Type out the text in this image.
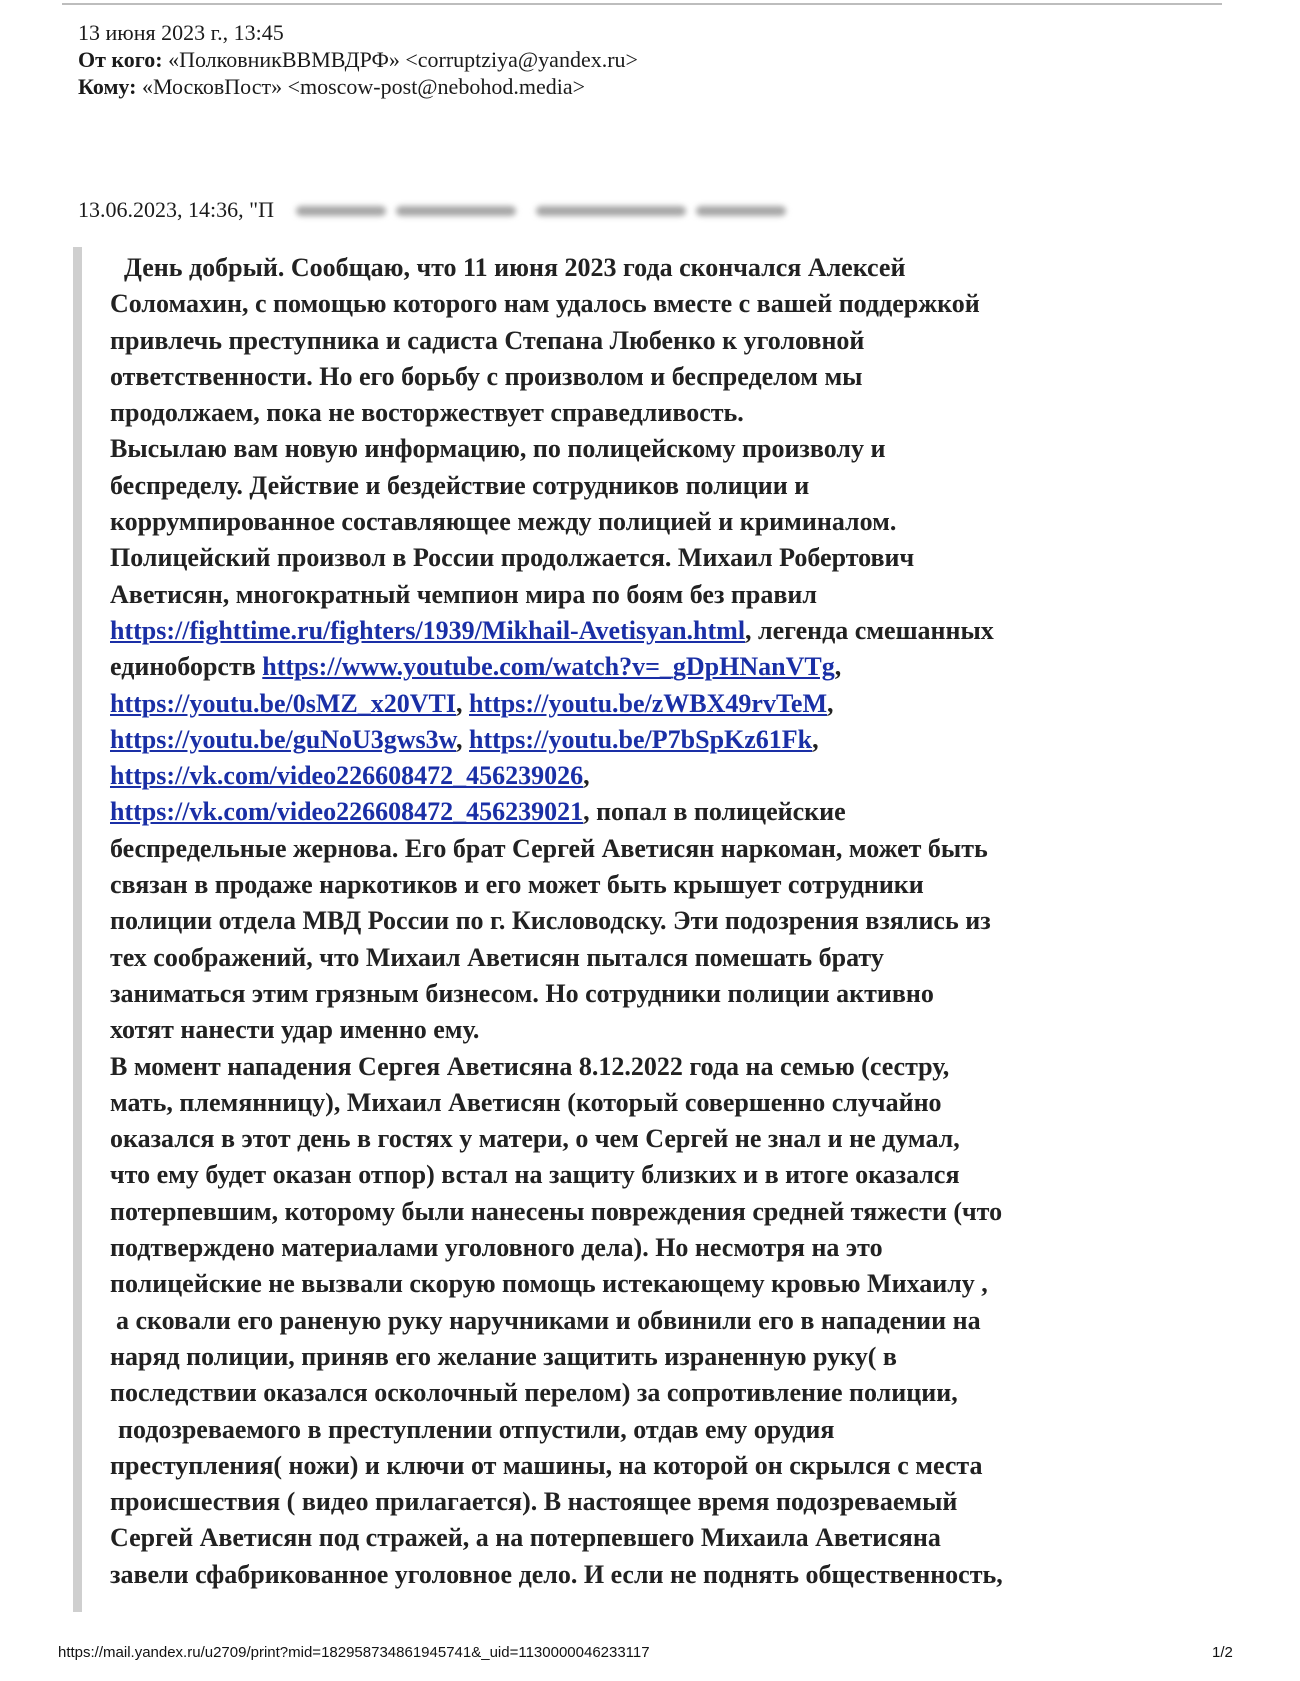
13 июня 2023 г., 13:45
От кого: «ПолковникВВМВДРФ» <corruptziya@yandex.ru>
Кому: «МосковПост» <moscow-post@nebohod.media>
13.06.2023, 14:36, "П

День добрый. Сообщаю, что 11 июня 2023 года скончался Алексей

Соломахин, с помощью которого нам удалось вместе с вашей поддержкой

привлечь преступника и садиста Степана Любенко к уголовной

ответственности. Но его борьбу с произволом и беспределом мы

продолжаем, пока не восторжествует справедливость.

Высылаю вам новую информацию, по полицейскому произволу и

беспределу. Действие и бездействие сотрудников полиции и

коррумпированное составляющее между полицией и криминалом.

Полицейский произвол в России продолжается. Михаил Робертович

Аветисян, многократный чемпион мира по боям без правил

https://fighttime.ru/fighters/1939/Mikhail-Avetisyan.html, легенда смешанных

единоборств https://www.youtube.com/watch?v=_gDpHNanVTg,

https://youtu.be/0sMZ_x20VTI, https://youtu.be/zWBX49rvTeM,

https://youtu.be/guNoU3gws3w, https://youtu.be/P7bSpKz61Fk,

https://vk.com/video226608472_456239026,

https://vk.com/video226608472_456239021, попал в полицейские

беспредельные жернова. Его брат Сергей Аветисян наркоман, может быть

связан в продаже наркотиков и его может быть крышует сотрудники

полиции отдела МВД России по г. Кисловодску. Эти подозрения взялись из

тех соображений, что Михаил Аветисян пытался помешать брату

заниматься этим грязным бизнесом. Но сотрудники полиции активно

хотят нанести удар именно ему.

В момент нападения Сергея Аветисяна 8.12.2022 года на семью (сестру,

мать, племянницу), Михаил Аветисян (который совершенно случайно

оказался в этот день в гостях у матери, о чем Сергей не знал и не думал,

что ему будет оказан отпор) встал на защиту близких и в итоге оказался

потерпевшим, которому были нанесены повреждения средней тяжести (что

подтверждено материалами уголовного дела). Но несмотря на это

полицейские не вызвали скорую помощь истекающему кровью Михаилу ,

а сковали его раненую руку наручниками и обвинили его в нападении на

наряд полиции, приняв его желание защитить израненную руку( в

последствии оказался осколочный перелом) за сопротивление полиции,

подозреваемого в преступлении отпустили, отдав ему орудия

преступления( ножи) и ключи от машины, на которой он скрылся с места

происшествия ( видео прилагается). В настоящее время подозреваемый

Сергей Аветисян под стражей, а на потерпевшего Михаила Аветисяна

завели сфабрикованное уголовное дело. И если не поднять общественность,

https://mail.yandex.ru/u2709/print?mid=182958734861945741&_uid=1130000046233117	1/2
